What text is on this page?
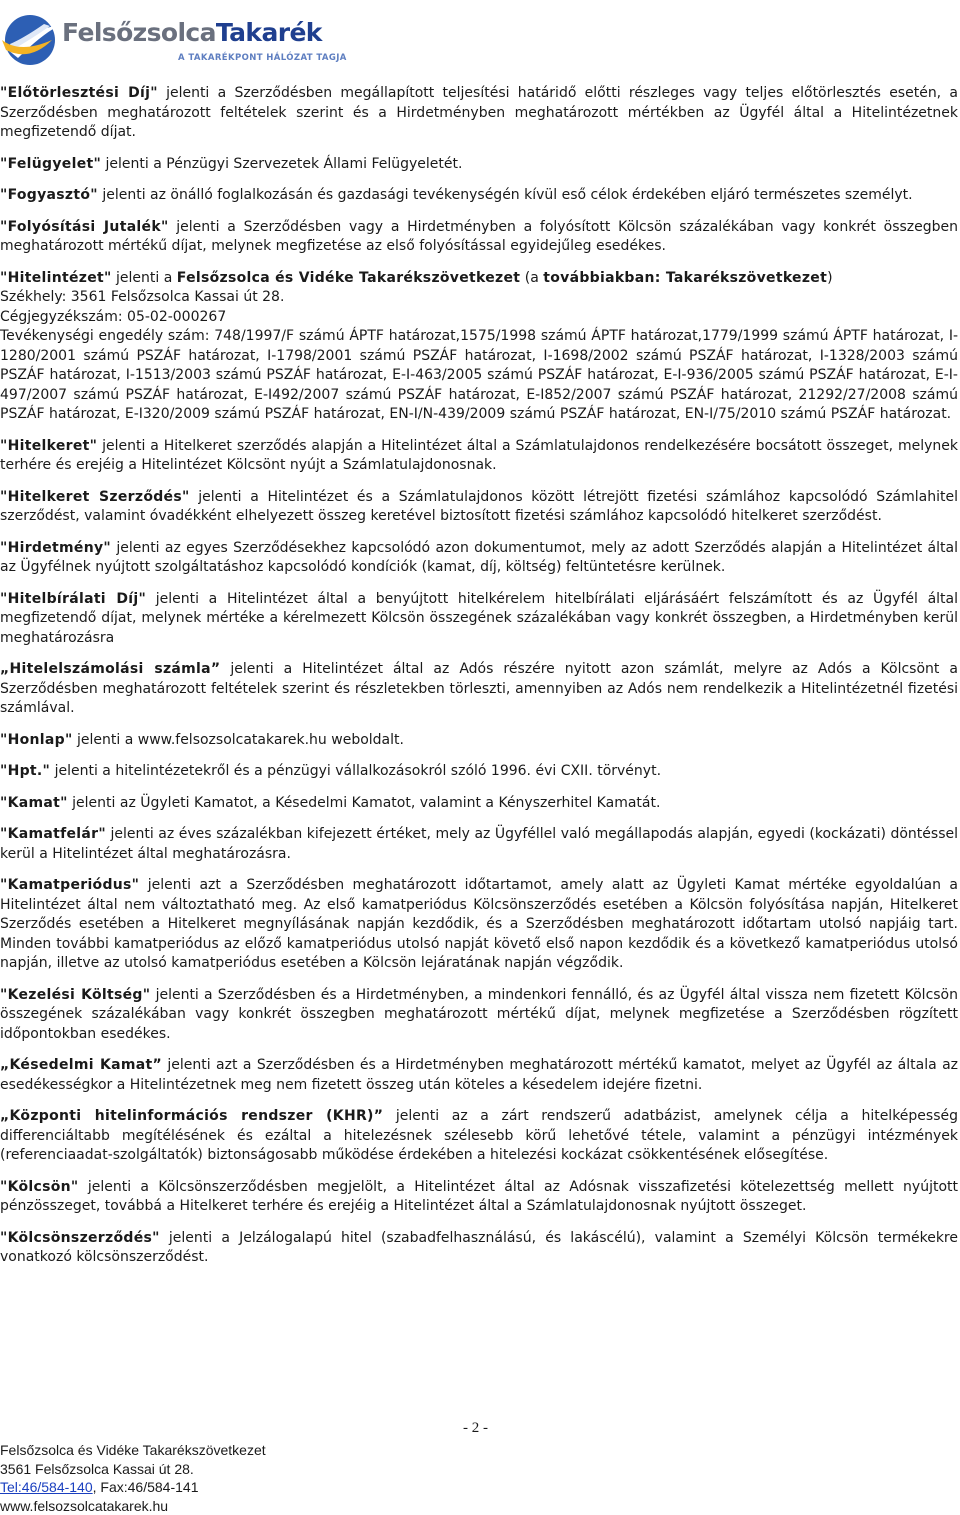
FelsőzsolcaTakarék
A TAKARÉKPONT HÁLÓZAT TAGJA

"Előtörlesztési Díj" jelenti a Szerződésben megállapított teljesítési határidő előtti részleges vagy teljes előtörlesztés esetén, a Szerződésben meghatározott feltételek szerint és a Hirdetményben meghatározott mértékben az Ügyfél által a Hitelintézetnek megfizetendő díjat.

"Felügyelet" jelenti a Pénzügyi Szervezetek Állami Felügyeletét.

"Fogyasztó" jelenti az önálló foglalkozásán és gazdasági tevékenységén kívül eső célok érdekében eljáró természetes személyt.

"Folyósítási Jutalék" jelenti a Szerződésben vagy a Hirdetményben a folyósított Kölcsön százalékában vagy konkrét összegben meghatározott mértékű díjat, melynek megfizetése az első folyósítással egyidejűleg esedékes.

"Hitelintézet" jelenti a Felsőzsolca és Vidéke Takarékszövetkezet (a továbbiakban: Takarékszövetkezet)

Székhely: 3561 Felsőzsolca Kassai út 28.

Cégjegyzékszám: 05-02-000267

Tevékenységi engedély szám: 748/1997/F számú ÁPTF határozat,1575/1998 számú ÁPTF határozat,1779/1999 számú ÁPTF határozat, I-1280/2001 számú PSZÁF határozat, I-1798/2001 számú PSZÁF határozat, I-1698/2002 számú PSZÁF határozat, I-1328/2003 számú PSZÁF határozat, I-1513/2003 számú PSZÁF határozat, E-I-463/2005 számú PSZÁF határozat, E-I-936/2005 számú PSZÁF határozat, E-I-497/2007 számú PSZÁF határozat, E-I492/2007 számú PSZÁF határozat, E-I852/2007 számú PSZÁF határozat, 21292/27/2008 számú PSZÁF határozat, E-I320/2009 számú PSZÁF határozat, EN-I/N-439/2009 számú PSZÁF határozat, EN-I/75/2010 számú PSZÁF határozat.

"Hitelkeret" jelenti a Hitelkeret szerződés alapján a Hitelintézet által a Számlatulajdonos rendelkezésére bocsátott összeget, melynek terhére és erejéig a Hitelintézet Kölcsönt nyújt a Számlatulajdonosnak.

"Hitelkeret Szerződés" jelenti a Hitelintézet és a Számlatulajdonos között létrejött fizetési számlához kapcsolódó Számlahitel szerződést, valamint óvadékként elhelyezett összeg keretével biztosított fizetési számlához kapcsolódó hitelkeret szerződést.

"Hirdetmény" jelenti az egyes Szerződésekhez kapcsolódó azon dokumentumot, mely az adott Szerződés alapján a Hitelintézet által az Ügyfélnek nyújtott szolgáltatáshoz kapcsolódó kondíciók (kamat, díj, költség) feltüntetésre kerülnek.

"Hitelbírálati Díj" jelenti a Hitelintézet által a benyújtott hitelkérelem hitelbírálati eljárásáért felszámított és az Ügyfél által megfizetendő díjat, melynek mértéke a kérelmezett Kölcsön összegének százalékában vagy konkrét összegben, a Hirdetményben kerül meghatározásra

„Hitelelszámolási számla” jelenti a Hitelintézet által az Adós részére nyitott azon számlát, melyre az Adós a Kölcsönt a Szerződésben meghatározott feltételek szerint és részletekben törleszti, amennyiben az Adós nem rendelkezik a Hitelintézetnél fizetési számlával.

"Honlap" jelenti a www.felsozsolcatakarek.hu weboldalt.

"Hpt." jelenti a hitelintézetekről és a pénzügyi vállalkozásokról szóló 1996. évi CXII. törvényt.

"Kamat" jelenti az Ügyleti Kamatot, a Késedelmi Kamatot, valamint a Kényszerhitel Kamatát.

"Kamatfelár" jelenti az éves százalékban kifejezett értéket, mely az Ügyféllel való megállapodás alapján, egyedi (kockázati) döntéssel kerül a Hitelintézet által meghatározásra.

"Kamatperiódus" jelenti azt a Szerződésben meghatározott időtartamot, amely alatt az Ügyleti Kamat mértéke egyoldalúan a Hitelintézet által nem változtatható meg. Az első kamatperiódus Kölcsönszerződés esetében a Kölcsön folyósítása napján, Hitelkeret Szerződés esetében a Hitelkeret megnyílásának napján kezdődik, és a Szerződésben meghatározott időtartam utolsó napjáig tart. Minden további kamatperiódus az előző kamatperiódus utolsó napját követő első napon kezdődik és a következő kamatperiódus utolsó napján, illetve az utolsó kamatperiódus esetében a Kölcsön lejáratának napján végződik.

"Kezelési Költség" jelenti a Szerződésben és a Hirdetményben, a mindenkori fennálló, és az Ügyfél által vissza nem fizetett Kölcsön összegének százalékában vagy konkrét összegben meghatározott mértékű díjat, melynek megfizetése a Szerződésben rögzített időpontokban esedékes.

„Késedelmi Kamat” jelenti azt a Szerződésben és a Hirdetményben meghatározott mértékű kamatot, melyet az Ügyfél az általa az esedékességkor a Hitelintézetnek meg nem fizetett összeg után köteles a késedelem idejére fizetni.

„Központi hitelinformációs rendszer (KHR)” jelenti az a zárt rendszerű adatbázist, amelynek célja a hitelképesség differenciáltabb megítélésének és ezáltal a hitelezésnek szélesebb körű lehetővé tétele, valamint a pénzügyi intézmények (referenciaadat-szolgáltatók) biztonságosabb működése érdekében a hitelezési kockázat csökkentésének elősegítése.

"Kölcsön" jelenti a Kölcsönszerződésben megjelölt, a Hitelintézet által az Adósnak visszafizetési kötelezettség mellett nyújtott pénzösszeget, továbbá a Hitelkeret terhére és erejéig a Hitelintézet által a Számlatulajdonosnak nyújtott összeget.

"Kölcsönszerződés" jelenti a Jelzálogalapú hitel (szabadfelhasználású, és lakáscélú), valamint a Személyi Kölcsön termékekre vonatkozó kölcsönszerződést.

- 2 -
Felsőzsolca és Vidéke Takarékszövetkezet
3561 Felsőzsolca Kassai út 28.
Tel:46/584-140, Fax:46/584-141
www.felsozsolcatakarek.hu
